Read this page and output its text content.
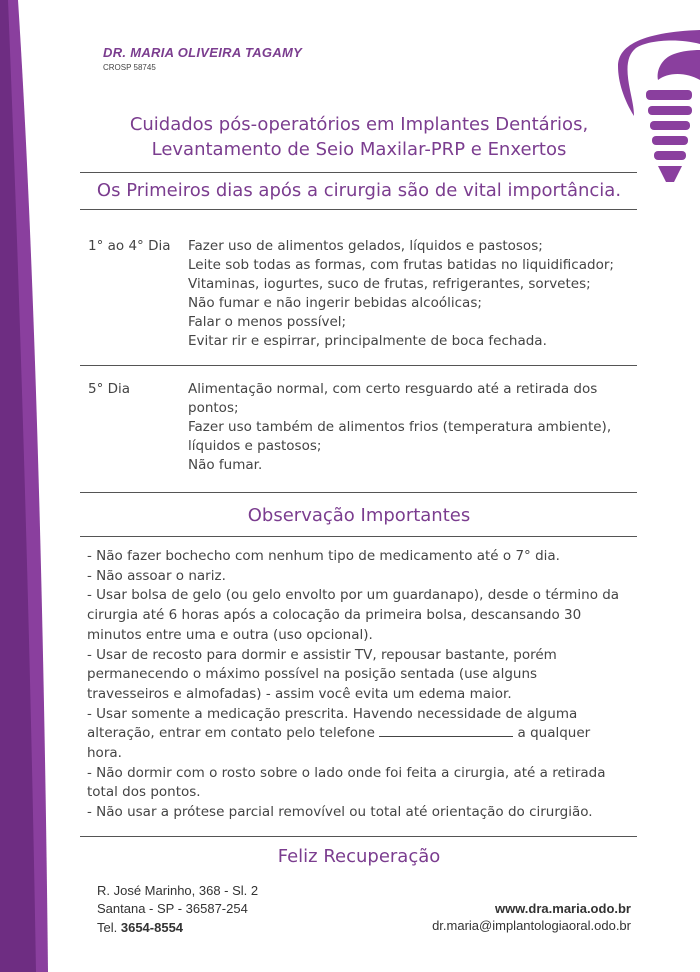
DR. MARIA OLIVEIRA TAGAMY
CROSP 58745
Cuidados pós-operatórios em Implantes Dentários,
Levantamento de Seio Maxilar-PRP e Enxertos
Os Primeiros dias após a cirurgia são de vital importância.
1° ao 4° Dia Fazer uso de alimentos gelados, líquidos e pastosos;
Leite sob todas as formas, com frutas batidas no liquidificador;
Vitaminas, iogurtes, suco de frutas, refrigerantes, sorvetes;
Não fumar e não ingerir bebidas alcoólicas;
Falar o menos possível;
Evitar rir e espirrar, principalmente de boca fechada.
5° Dia	Alimentação normal, com certo resguardo até a retirada dos
pontos;
Fazer uso também de alimentos frios (temperatura ambiente),
líquidos e pastosos;
Não fumar.
Observação Importantes
- Não fazer bochecho com nenhum tipo de medicamento até o 7° dia.
- Não assoar o nariz.
- Usar bolsa de gelo (ou gelo envolto por um guardanapo), desde o término da
cirurgia até 6 horas após a colocação da primeira bolsa, descansando 30
minutos entre uma e outra (uso opcional).
- Usar de recosto para dormir e assistir TV, repousar bastante, porém
permanecendo o máximo possível na posição sentada (use alguns
travesseiros e almofadas) - assim você evita um edema maior.
- Usar somente a medicação prescrita. Havendo necessidade de alguma
alteração, entrar em contato pelo telefone	a qualquer
hora.
- Não dormir com o rosto sobre o lado onde foi feita a cirurgia, até a retirada
total dos pontos.
- Não usar a prótese parcial removível ou total até orientação do cirurgião.
Feliz Recuperação
R. José Marinho, 368 - Sl. 2
Santana - SP - 36587-254
Tel. 3654-8554
www.dra.maria.odo.br
dr.maria@implantologiaoral.odo.br
